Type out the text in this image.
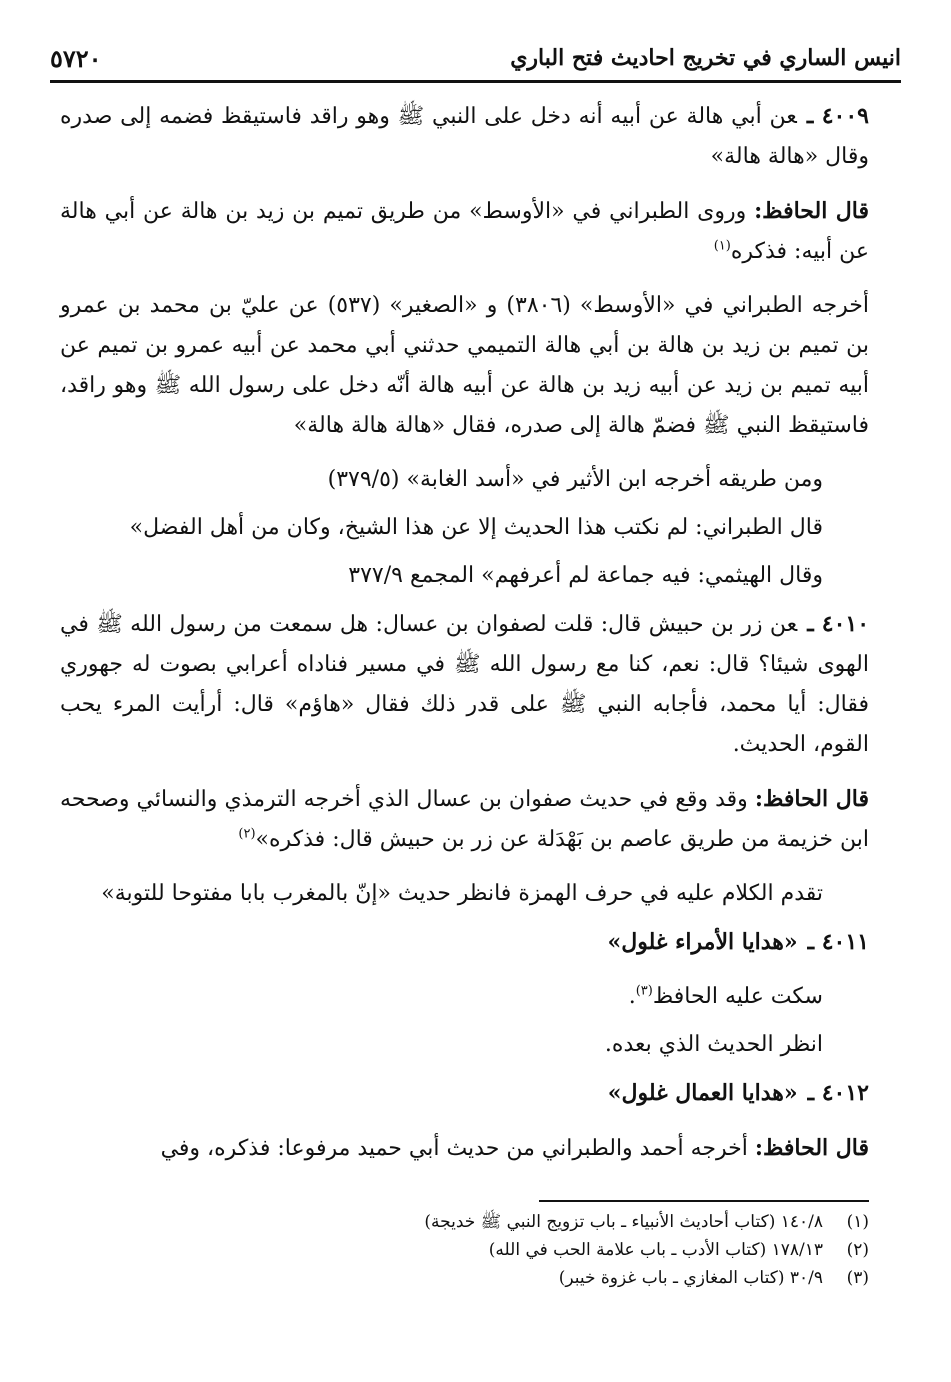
انيس الساري في تخريج احاديث فتح الباري
٥٧٢٠

٤٠٠٩ ـعن أبي هالة عن أبيه أنه دخل على النبي ﷺ وهو راقد فاستيقظ فضمه إلى صدره وقال «هالة هالة»

قال الحافظ: وروى الطبراني في «الأوسط» من طريق تميم بن زيد بن هالة عن أبي هالة عن أبيه: فذكره$^{(١)}$

أخرجه الطبراني في «الأوسط» (٣٨٠٦) و «الصغير» (٥٣٧) عن عليّ بن محمد بن عمرو بن تميم بن زيد بن هالة بن أبي هالة التميمي حدثني أبي محمد عن أبيه عمرو بن تميم عن أبيه تميم بن زيد عن أبيه زيد بن هالة عن أبيه هالة أنّه دخل على رسول الله ﷺ وهو راقد، فاستيقظ النبي ﷺ فضمّ هالة إلى صدره، فقال «هالة هالة هالة»

ومن طريقه أخرجه ابن الأثير في «أسد الغابة» (٣٧٩/٥)

قال الطبراني: لم نكتب هذا الحديث إلا عن هذا الشيخ، وكان من أهل الفضل»

وقال الهيثمي: فيه جماعة لم أعرفهم» المجمع ٣٧٧/٩

٤٠١٠ ـعن زر بن حبيش قال: قلت لصفوان بن عسال: هل سمعت من رسول الله ﷺ في الهوى شيئا؟ قال: نعم، كنا مع رسول الله ﷺ في مسير فناداه أعرابي بصوت له جهوري فقال: أيا محمد، فأجابه النبي ﷺ على قدر ذلك فقال «هاؤم» قال: أرأيت المرء يحب القوم، الحديث.

قال الحافظ: وقد وقع في حديث صفوان بن عسال الذي أخرجه الترمذي والنسائي وصححه ابن خزيمة من طريق عاصم بن بَهْدَلة عن زر بن حبيش قال: فذكره»$^{(٢)}$

تقدم الكلام عليه في حرف الهمزة فانظر حديث «إنّ بالمغرب بابا مفتوحا للتوبة»

٤٠١١ ـ«هدايا الأمراء غلول»

سكت عليه الحافظ$^{(٣)}$.

انظر الحديث الذي بعده.

٤٠١٢ ـ«هدايا العمال غلول»

قال الحافظ: أخرجه أحمد والطبراني من حديث أبي حميد مرفوعا: فذكره، وفي

(١)
١٤٠/٨ (كتاب أحاديث الأنبياء ـ باب تزويج النبي ﷺ خديجة)
(٢)
١٧٨/١٣ (كتاب الأدب ـ باب علامة الحب في الله)
(٣)
٣٠/٩ (كتاب المغازي ـ باب غزوة خيبر)
